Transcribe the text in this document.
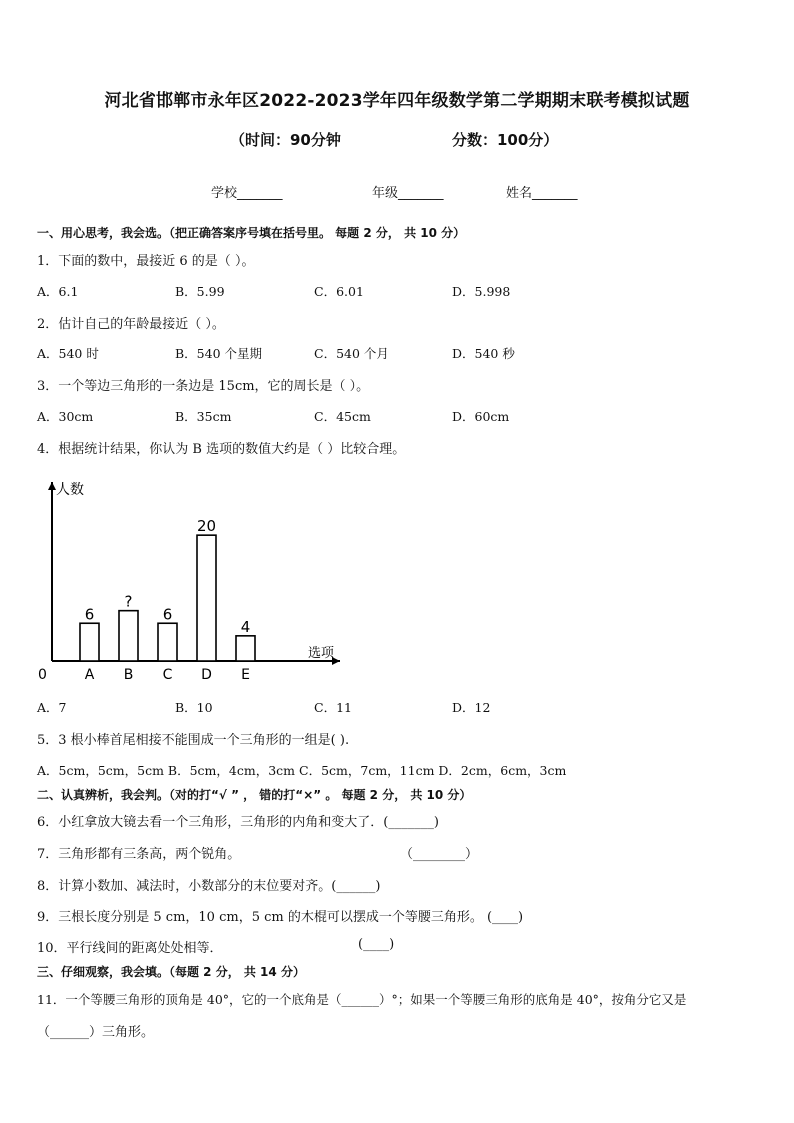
河北省邯郸市永年区2022-2023学年四年级数学第二学期期末联考模拟试题
（时间：90分钟	分数：100分）
学校_______	年级_______	姓名_______
一、用心思考，我会选。（把正确答案序号填在括号里。 每题 2 分， 共 10 分）
1．下面的数中，最接近 6 的是（ ）。
A．6.1	B．5.99	C．6.01	D．5.998
2．估计自己的年龄最接近（ ）。
A．540 时	B．540 个星期	C．540 个月	D．540 秒
3．一个等边三角形的一条边是 15cm，它的周长是（ ）。
A．30cm	B．35cm	C．45cm	D．60cm
4．根据统计结果，你认为 B 选项的数值大约是（ ）比较合理。
人数
选项
0
6
A
?
B
6
C
20
D
4
E
A．7	B．10	C．11	D．12
5．3 根小棒首尾相接不能围成一个三角形的一组是( ).
A．5cm，5cm，5cm B．5cm，4cm，3cm C．5cm，7cm，11cm D．2cm，6cm，3cm
二、认真辨析，我会判。（对的打“√ ” ， 错的打“×” 。 每题 2 分， 共 10 分）
6．小红拿放大镜去看一个三角形，三角形的内角和变大了．(_______)
7．三角形都有三条高，两个锐角。	（________）
8．计算小数加、减法时，小数部分的末位要对齐。(______)
9．三根长度分别是 5 cm，10 cm，5 cm 的木棍可以摆成一个等腰三角形。 (____)
10．平行线间的距离处处相等．	(____)
三、仔细观察，我会填。（每题 2 分， 共 14 分）
11．一个等腰三角形的顶角是 40°，它的一个底角是（______）°；如果一个等腰三角形的底角是 40°，按角分它又是
（______）三角形。
